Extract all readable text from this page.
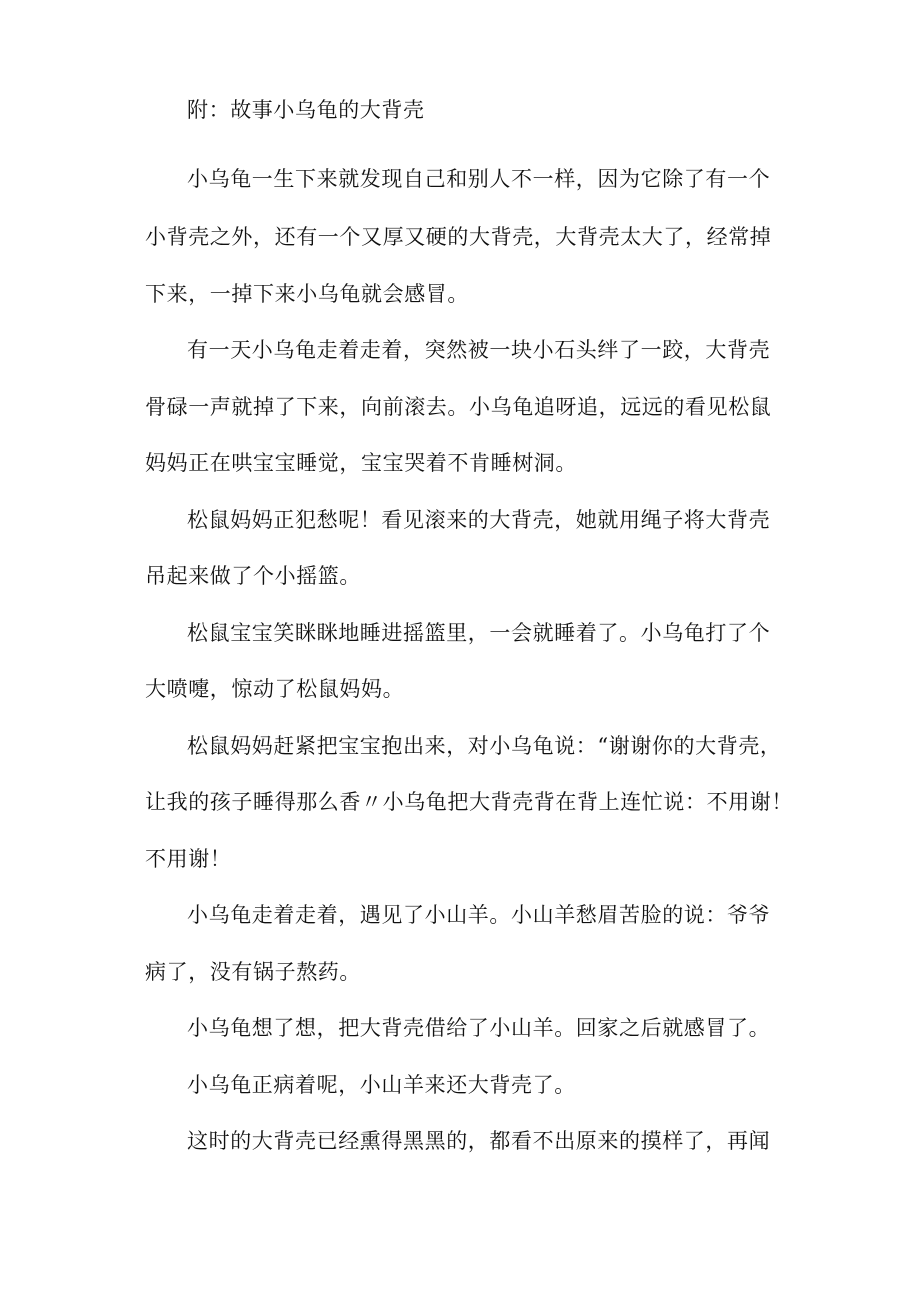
附：故事小乌龟的大背壳
小乌龟一生下来就发现自己和别人不一样，因为它除了有一个
小背壳之外，还有一个又厚又硬的大背壳，大背壳太大了，经常掉
下来，一掉下来小乌龟就会感冒。
有一天小乌龟走着走着，突然被一块小石头绊了一跤，大背壳
骨碌一声就掉了下来，向前滚去。小乌龟追呀追，远远的看见松鼠
妈妈正在哄宝宝睡觉，宝宝哭着不肯睡树洞。
松鼠妈妈正犯愁呢！看见滚来的大背壳，她就用绳子将大背壳
吊起来做了个小摇篮。
松鼠宝宝笑眯眯地睡进摇篮里，一会就睡着了。小乌龟打了个
大喷嚏，惊动了松鼠妈妈。
松鼠妈妈赶紧把宝宝抱出来，对小乌龟说：“谢谢你的大背壳，
让我的孩子睡得那么香〃小乌龟把大背壳背在背上连忙说：不用谢！
不用谢！
小乌龟走着走着，遇见了小山羊。小山羊愁眉苦脸的说：爷爷
病了，没有锅子熬药。
小乌龟想了想，把大背壳借给了小山羊。回家之后就感冒了。
小乌龟正病着呢，小山羊来还大背壳了。
这时的大背壳已经熏得黑黑的，都看不出原来的摸样了，再闻
